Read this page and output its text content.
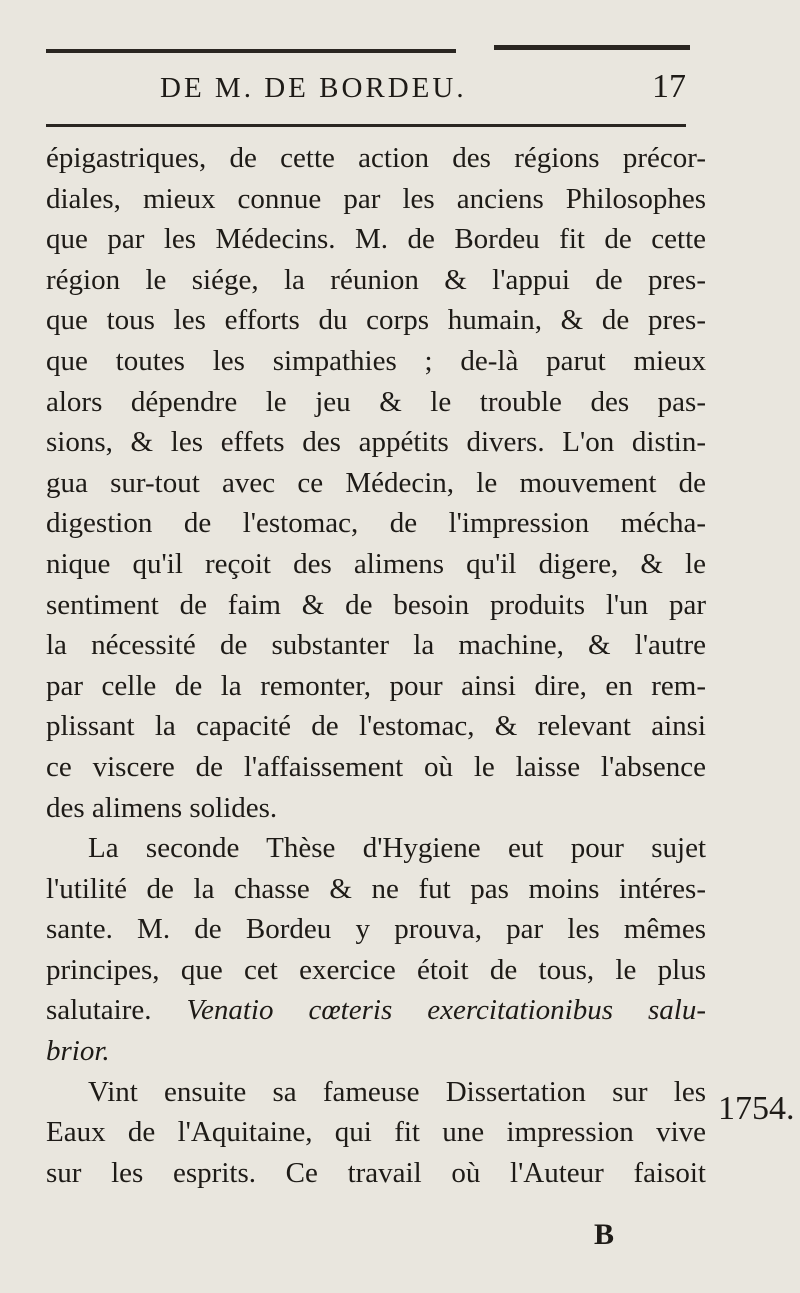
DE M. DE BORDEU.	17
épigastriques, de cette action des régions précor-
diales, mieux connue par les anciens Philosophes
que par les Médecins. M. de Bordeu fit de cette
région le siége, la réunion & l'appui de pres-
que tous les efforts du corps humain, & de pres-
que toutes les simpathies ; de-là parut mieux
alors dépendre le jeu & le trouble des pas-
sions, & les effets des appétits divers. L'on distin-
gua sur-tout avec ce Médecin, le mouvement de
digestion de l'estomac, de l'impression mécha-
nique qu'il reçoit des alimens qu'il digere, & le
sentiment de faim & de besoin produits l'un par
la nécessité de substanter la machine, & l'autre
par celle de la remonter, pour ainsi dire, en rem-
plissant la capacité de l'estomac, & relevant ainsi
ce viscere de l'affaissement où le laisse l'absence
des alimens solides.
La seconde Thèse d'Hygiene eut pour sujet
l'utilité de la chasse & ne fut pas moins intéres-
sante. M. de Bordeu y prouva, par les mêmes
principes, que cet exercice étoit de tous, le plus
salutaire. Venatio cœteris exercitationibus salu-
brior.
Vint ensuite sa fameuse Dissertation sur les
Eaux de l'Aquitaine, qui fit une impression vive
sur les esprits. Ce travail où l'Auteur faisoit
1754.
B
